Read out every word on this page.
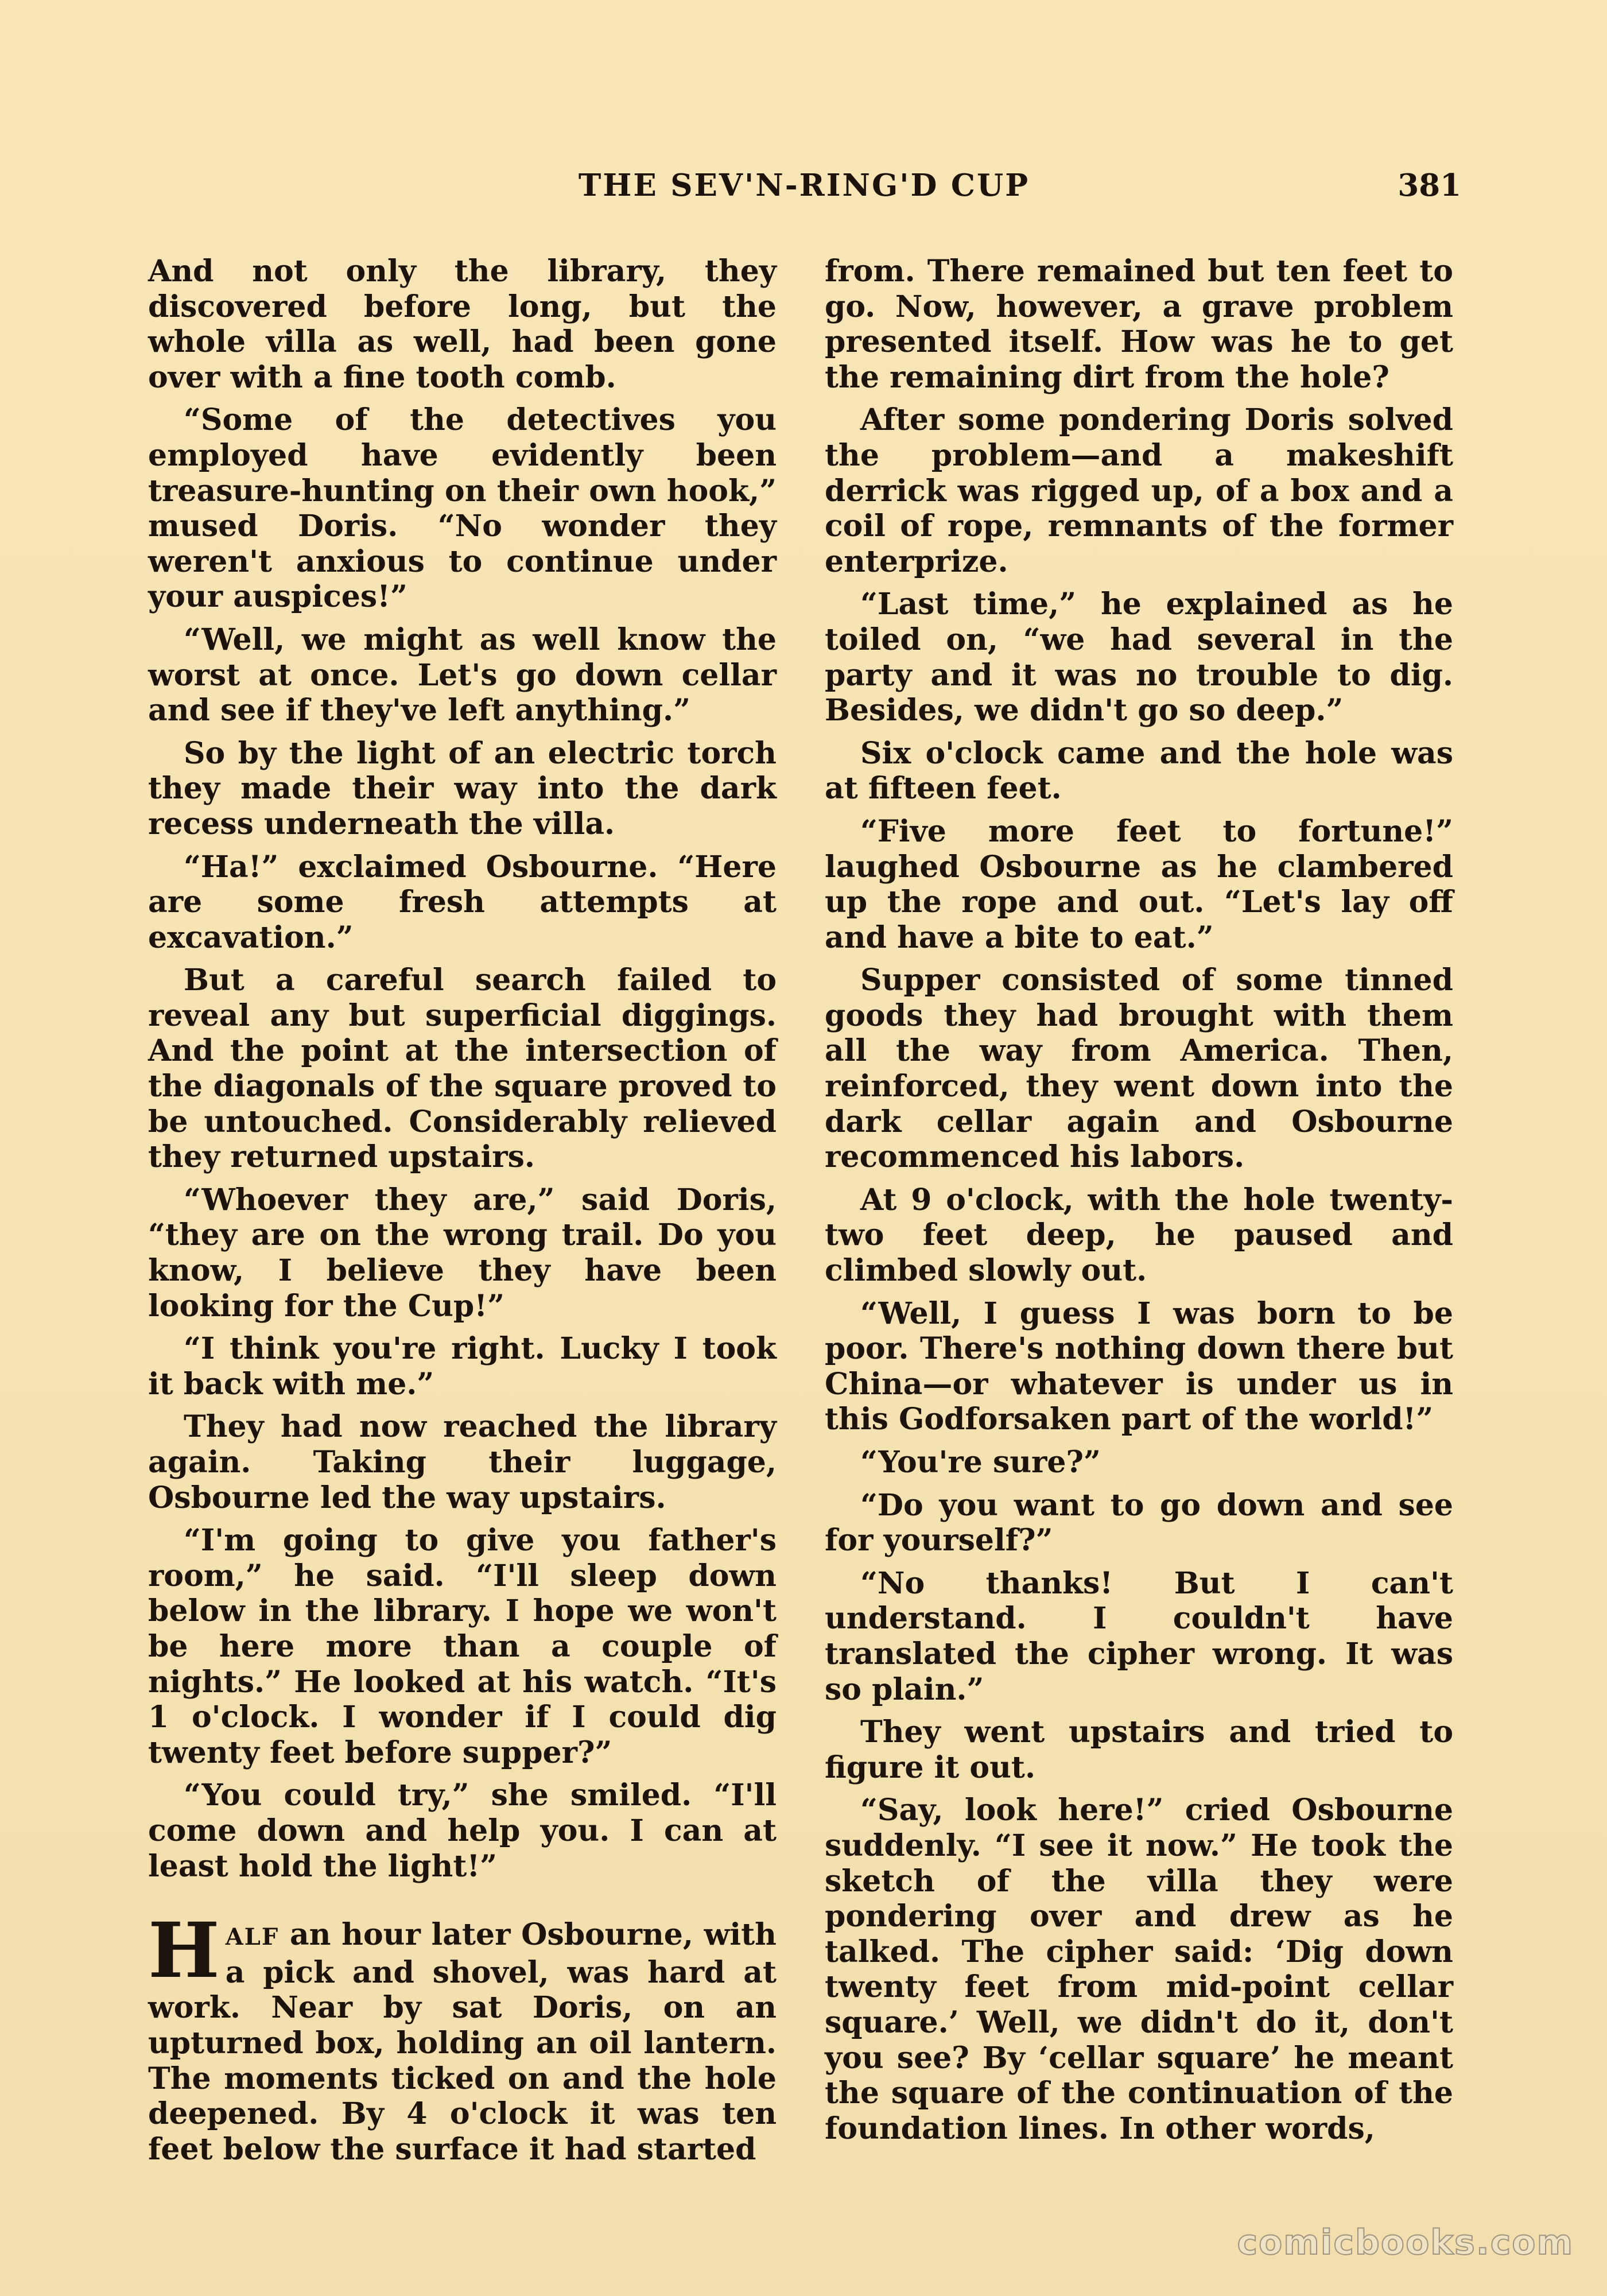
THE SEV'N-RING'D CUP	381

And not only the library, they discovered before long, but the whole villa as well, had been gone over with a fine tooth comb.

“Some of the detectives you employed have evidently been treasure-hunting on their own hook,” mused Doris. “No wonder they weren't anxious to continue under your auspices!”

“Well, we might as well know the worst at once. Let's go down cellar and see if they've left anything.”

So by the light of an electric torch they made their way into the dark recess underneath the villa.

“Ha!” exclaimed Osbourne. “Here are some fresh attempts at excavation.”

But a careful search failed to reveal any but superficial diggings. And the point at the intersection of the diagonals of the square proved to be untouched. Considerably relieved they returned upstairs.

“Whoever they are,” said Doris, “they are on the wrong trail. Do you know, I believe they have been looking for the Cup!”

“I think you're right. Lucky I took it back with me.”

They had now reached the library again. Taking their luggage, Osbourne led the way upstairs.

“I'm going to give you father's room,” he said. “I'll sleep down below in the library. I hope we won't be here more than a couple of nights.” He looked at his watch. “It's 1 o'clock. I wonder if I could dig twenty feet before supper?”

“You could try,” she smiled. “I'll come down and help you. I can at least hold the light!”

HALF an hour later Osbourne, with a pick and shovel, was hard at work. Near by sat Doris, on an upturned box, holding an oil lantern. The moments ticked on and the hole deepened. By 4 o'clock it was ten feet below the surface it had started

from. There remained but ten feet to go. Now, however, a grave problem presented itself. How was he to get the remaining dirt from the hole?

After some pondering Doris solved the problem—and a makeshift derrick was rigged up, of a box and a coil of rope, remnants of the former enterprize.

“Last time,” he explained as he toiled on, “we had several in the party and it was no trouble to dig. Besides, we didn't go so deep.”

Six o'clock came and the hole was at fifteen feet.

“Five more feet to fortune!” laughed Osbourne as he clambered up the rope and out. “Let's lay off and have a bite to eat.”

Supper consisted of some tinned goods they had brought with them all the way from America. Then, reinforced, they went down into the dark cellar again and Osbourne recommenced his labors.

At 9 o'clock, with the hole twenty-two feet deep, he paused and climbed slowly out.

“Well, I guess I was born to be poor. There's nothing down there but China—or whatever is under us in this Godforsaken part of the world!”

“You're sure?”

“Do you want to go down and see for yourself?”

“No thanks! But I can't understand. I couldn't have translated the cipher wrong. It was so plain.”

They went upstairs and tried to figure it out.

“Say, look here!” cried Osbourne suddenly. “I see it now.” He took the sketch of the villa they were pondering over and drew as he talked. The cipher said: ‘Dig down twenty feet from mid-point cellar square.’ Well, we didn't do it, don't you see? By ‘cellar square’ he meant the square of the continuation of the foundation lines. In other words,

comicbooks.com
